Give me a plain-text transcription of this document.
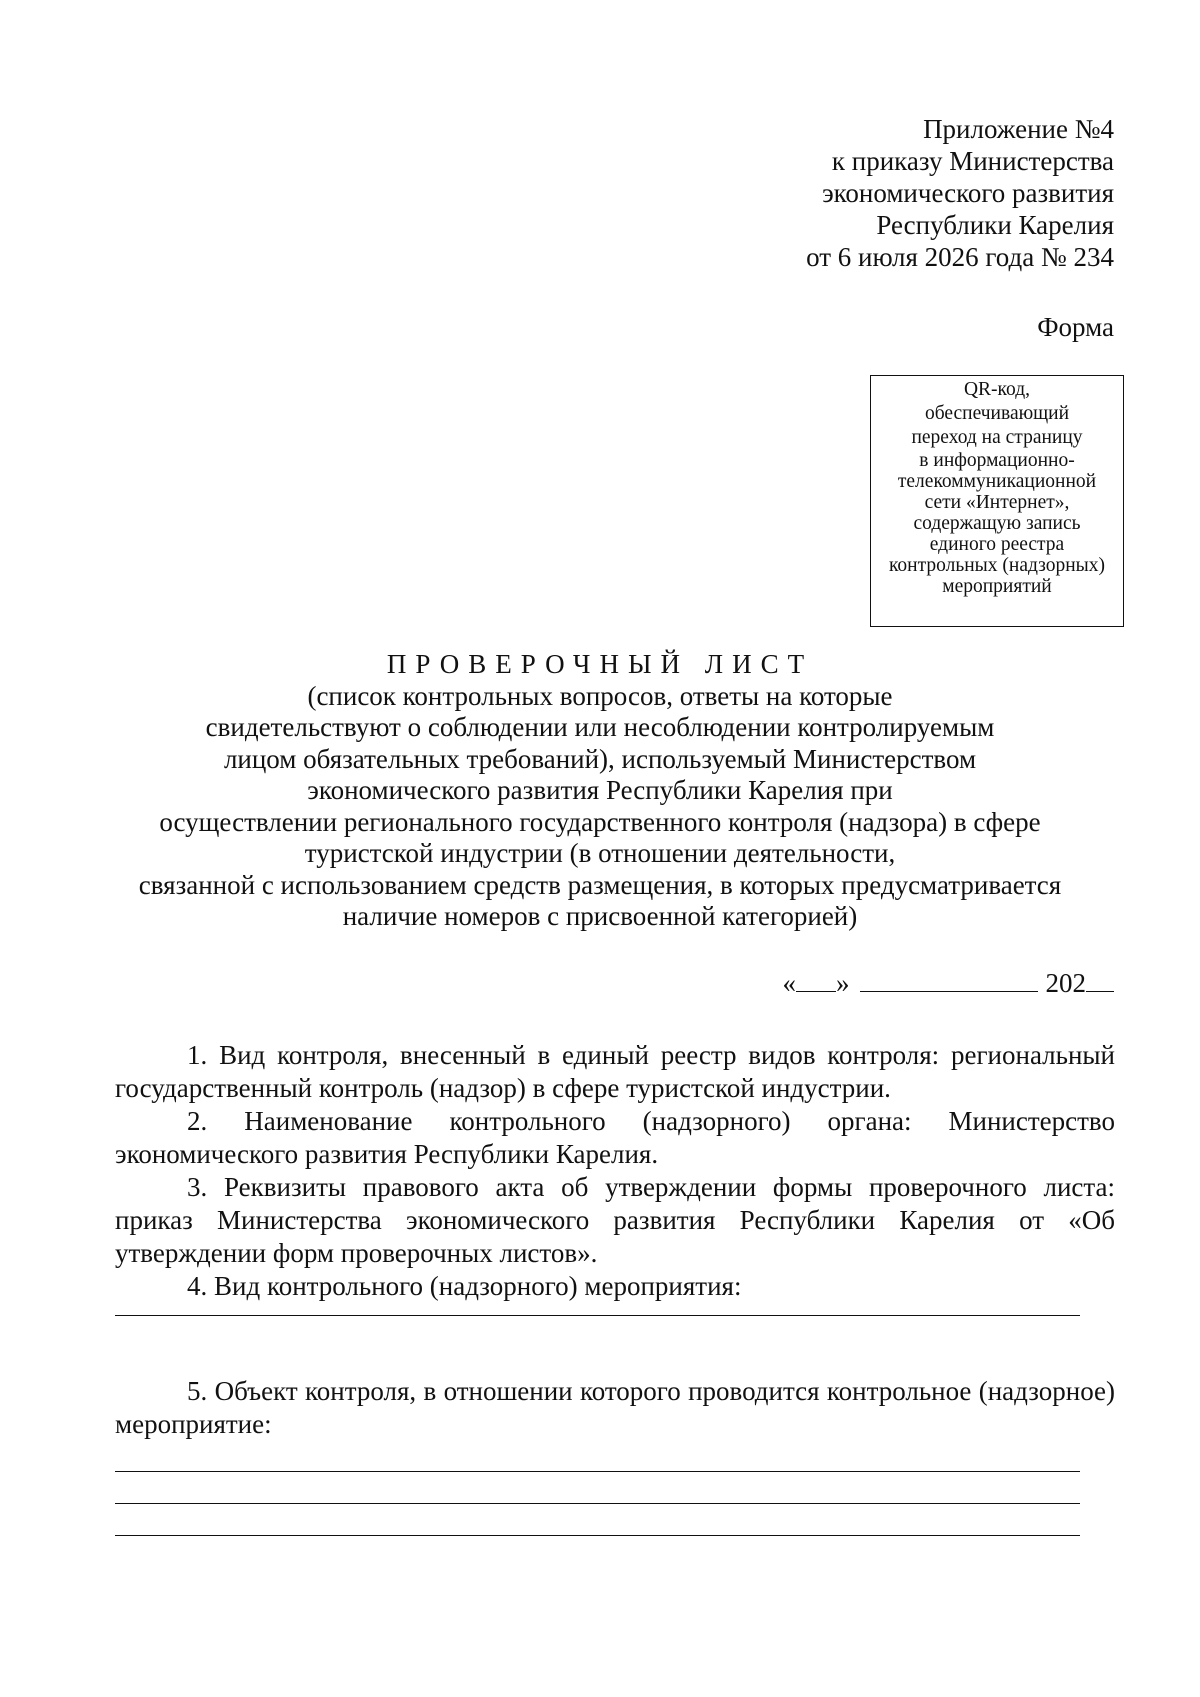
Приложение №4
к приказу Министерства
экономического развития
Республики Карелия
от 6 июля 2026 года № 234
Форма
QR-код,
обеспечивающий
переход на страницу
в информационно-
телекоммуникационной
сети «Интернет»,
содержащую запись
единого реестра
контрольных (надзорных)
мероприятий
ПРОВЕРОЧНЫЙ ЛИСТ
(список контрольных вопросов, ответы на которые
свидетельствуют о соблюдении или несоблюдении контролируемым
лицом обязательных требований), используемый Министерством
экономического развития Республики Карелия при
осуществлении регионального государственного контроля (надзора) в сфере
туристской индустрии (в отношении деятельности,
связанной с использованием средств размещения, в которых предусматривается
наличие номеров с присвоенной категорией)
« »	202

1. Вид контроля, внесенный в единый реестр видов контроля: региональный государственный контроль (надзор) в сфере туристской индустрии.

2. Наименование контрольного (надзорного) органа: Министерство экономического развития Республики Карелия.

3. Реквизиты правового акта об утверждении формы проверочного листа: приказ Министерства экономического развития Республики Карелия от «Об утверждении форм проверочных листов».

4. Вид контрольного (надзорного) мероприятия:

5. Объект контроля, в отношении которого проводится контрольное (надзорное) мероприятие:
